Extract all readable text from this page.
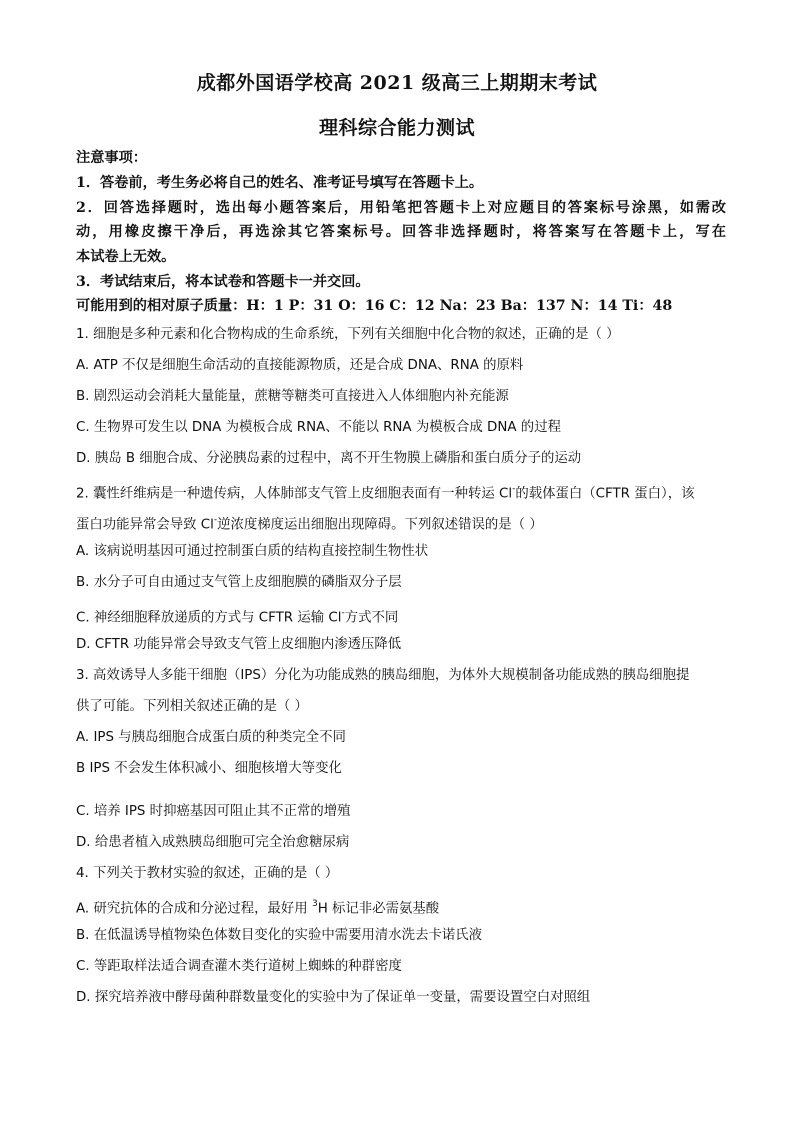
成都外国语学校高 2021 级高三上期期末考试
理科综合能力测试
注意事项：
1．答卷前，考生务必将自己的姓名、准考证号填写在答题卡上。
2．回答选择题时，选出每小题答案后，用铅笔把答题卡上对应题目的答案标号涂黑，如需改
动，用橡皮擦干净后，再选涂其它答案标号。回答非选择题时，将答案写在答题卡上，写在
本试卷上无效。
3．考试结束后，将本试卷和答题卡一并交回。
可能用到的相对原子质量：H：1 P：31 O：16 C：12 Na：23 Ba：137 N：14 Ti：48
1. 细胞是多种元素和化合物构成的生命系统，下列有关细胞中化合物的叙述，正确的是（ ）
A. ATP 不仅是细胞生命活动的直接能源物质，还是合成 DNA、RNA 的原料
B. 剧烈运动会消耗大量能量，蔗糖等糖类可直接进入人体细胞内补充能源
C. 生物界可发生以 DNA 为模板合成 RNA、不能以 RNA 为模板合成 DNA 的过程
D. 胰岛 B 细胞合成、分泌胰岛素的过程中，离不开生物膜上磷脂和蛋白质分子的运动
2. 囊性纤维病是一种遗传病，人体肺部支气管上皮细胞表面有一种转运 Cl-的载体蛋白（CFTR 蛋白），该
蛋白功能异常会导致 Cl-逆浓度梯度运出细胞出现障碍。下列叙述错误的是（ ）
A. 该病说明基因可通过控制蛋白质的结构直接控制生物性状
B. 水分子可自由通过支气管上皮细胞膜的磷脂双分子层
C. 神经细胞释放递质的方式与 CFTR 运输 Cl-方式不同
D. CFTR 功能异常会导致支气管上皮细胞内渗透压降低
3. 高效诱导人多能干细胞（IPS）分化为功能成熟的胰岛细胞，为体外大规模制备功能成熟的胰岛细胞提
供了可能。下列相关叙述正确的是（ ）
A. IPS 与胰岛细胞合成蛋白质的种类完全不同
B IPS 不会发生体积减小、细胞核增大等变化
C. 培养 IPS 时抑癌基因可阻止其不正常的增殖
D. 给患者植入成熟胰岛细胞可完全治愈糖尿病
4. 下列关于教材实验的叙述，正确的是（ ）
A. 研究抗体的合成和分泌过程，最好用 $^3$H 标记非必需氨基酸
B. 在低温诱导植物染色体数目变化的实验中需要用清水洗去卡诺氏液
C. 等距取样法适合调查灌木类行道树上蜘蛛的种群密度
D. 探究培养液中酵母菌种群数量变化的实验中为了保证单一变量，需要设置空白对照组
